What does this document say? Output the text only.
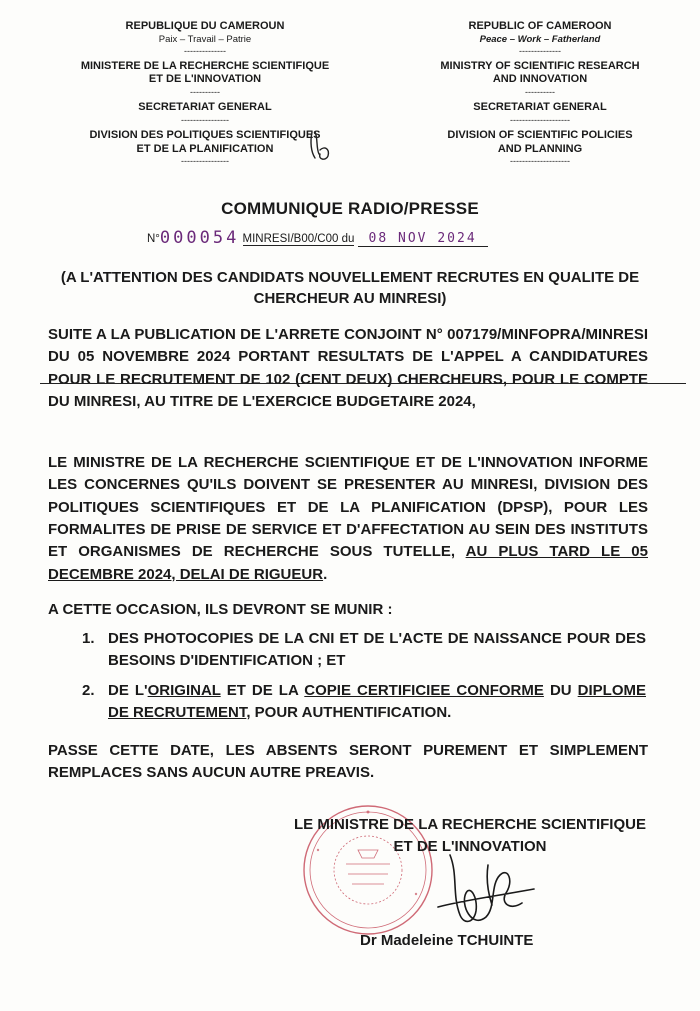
REPUBLIQUE DU CAMEROUN
Paix – Travail – Patrie
--------------
MINISTERE DE LA RECHERCHE SCIENTIFIQUE
ET DE L'INNOVATION
----------
SECRETARIAT GENERAL
----------------
DIVISION DES POLITIQUES SCIENTIFIQUES
ET DE LA PLANIFICATION
----------------
REPUBLIC OF CAMEROON
Peace – Work – Fatherland
--------------
MINISTRY OF SCIENTIFIC RESEARCH
AND INNOVATION
----------
SECRETARIAT GENERAL
--------------------
DIVISION OF SCIENTIFIC POLICIES
AND PLANNING
--------------------
COMMUNIQUE RADIO/PRESSE
N°000054 MINRESI/B00/C00 du 08 NOV 2024
(A L'ATTENTION DES CANDIDATS NOUVELLEMENT RECRUTES EN QUALITE DE CHERCHEUR AU MINRESI)
SUITE A LA PUBLICATION DE L'ARRETE CONJOINT N° 007179/MINFOPRA/MINRESI DU 05 NOVEMBRE 2024 PORTANT RESULTATS DE L'APPEL A CANDIDATURES POUR LE RECRUTEMENT DE 102 (CENT DEUX) CHERCHEURS, POUR LE COMPTE DU MINRESI, AU TITRE DE L'EXERCICE BUDGETAIRE 2024,
LE MINISTRE DE LA RECHERCHE SCIENTIFIQUE ET DE L'INNOVATION INFORME LES CONCERNES QU'ILS DOIVENT SE PRESENTER AU MINRESI, DIVISION DES POLITIQUES SCIENTIFIQUES ET DE LA PLANIFICATION (DPSP), POUR LES FORMALITES DE PRISE DE SERVICE ET D'AFFECTATION AU SEIN DES INSTITUTS ET ORGANISMES DE RECHERCHE SOUS TUTELLE, AU PLUS TARD LE 05 DECEMBRE 2024, DELAI DE RIGUEUR.
A CETTE OCCASION, ILS DEVRONT SE MUNIR :
1. DES PHOTOCOPIES DE LA CNI ET DE L'ACTE DE NAISSANCE POUR DES BESOINS D'IDENTIFICATION ; ET
2. DE L'ORIGINAL ET DE LA COPIE CERTIFICIEE CONFORME DU DIPLOME DE RECRUTEMENT, POUR AUTHENTIFICATION.
PASSE CETTE DATE, LES ABSENTS SERONT PUREMENT ET SIMPLEMENT REMPLACES SANS AUCUN AUTRE PREAVIS.
LE MINISTRE DE LA RECHERCHE SCIENTIFIQUE
ET DE L'INNOVATION
Dr Madeleine TCHUINTE
